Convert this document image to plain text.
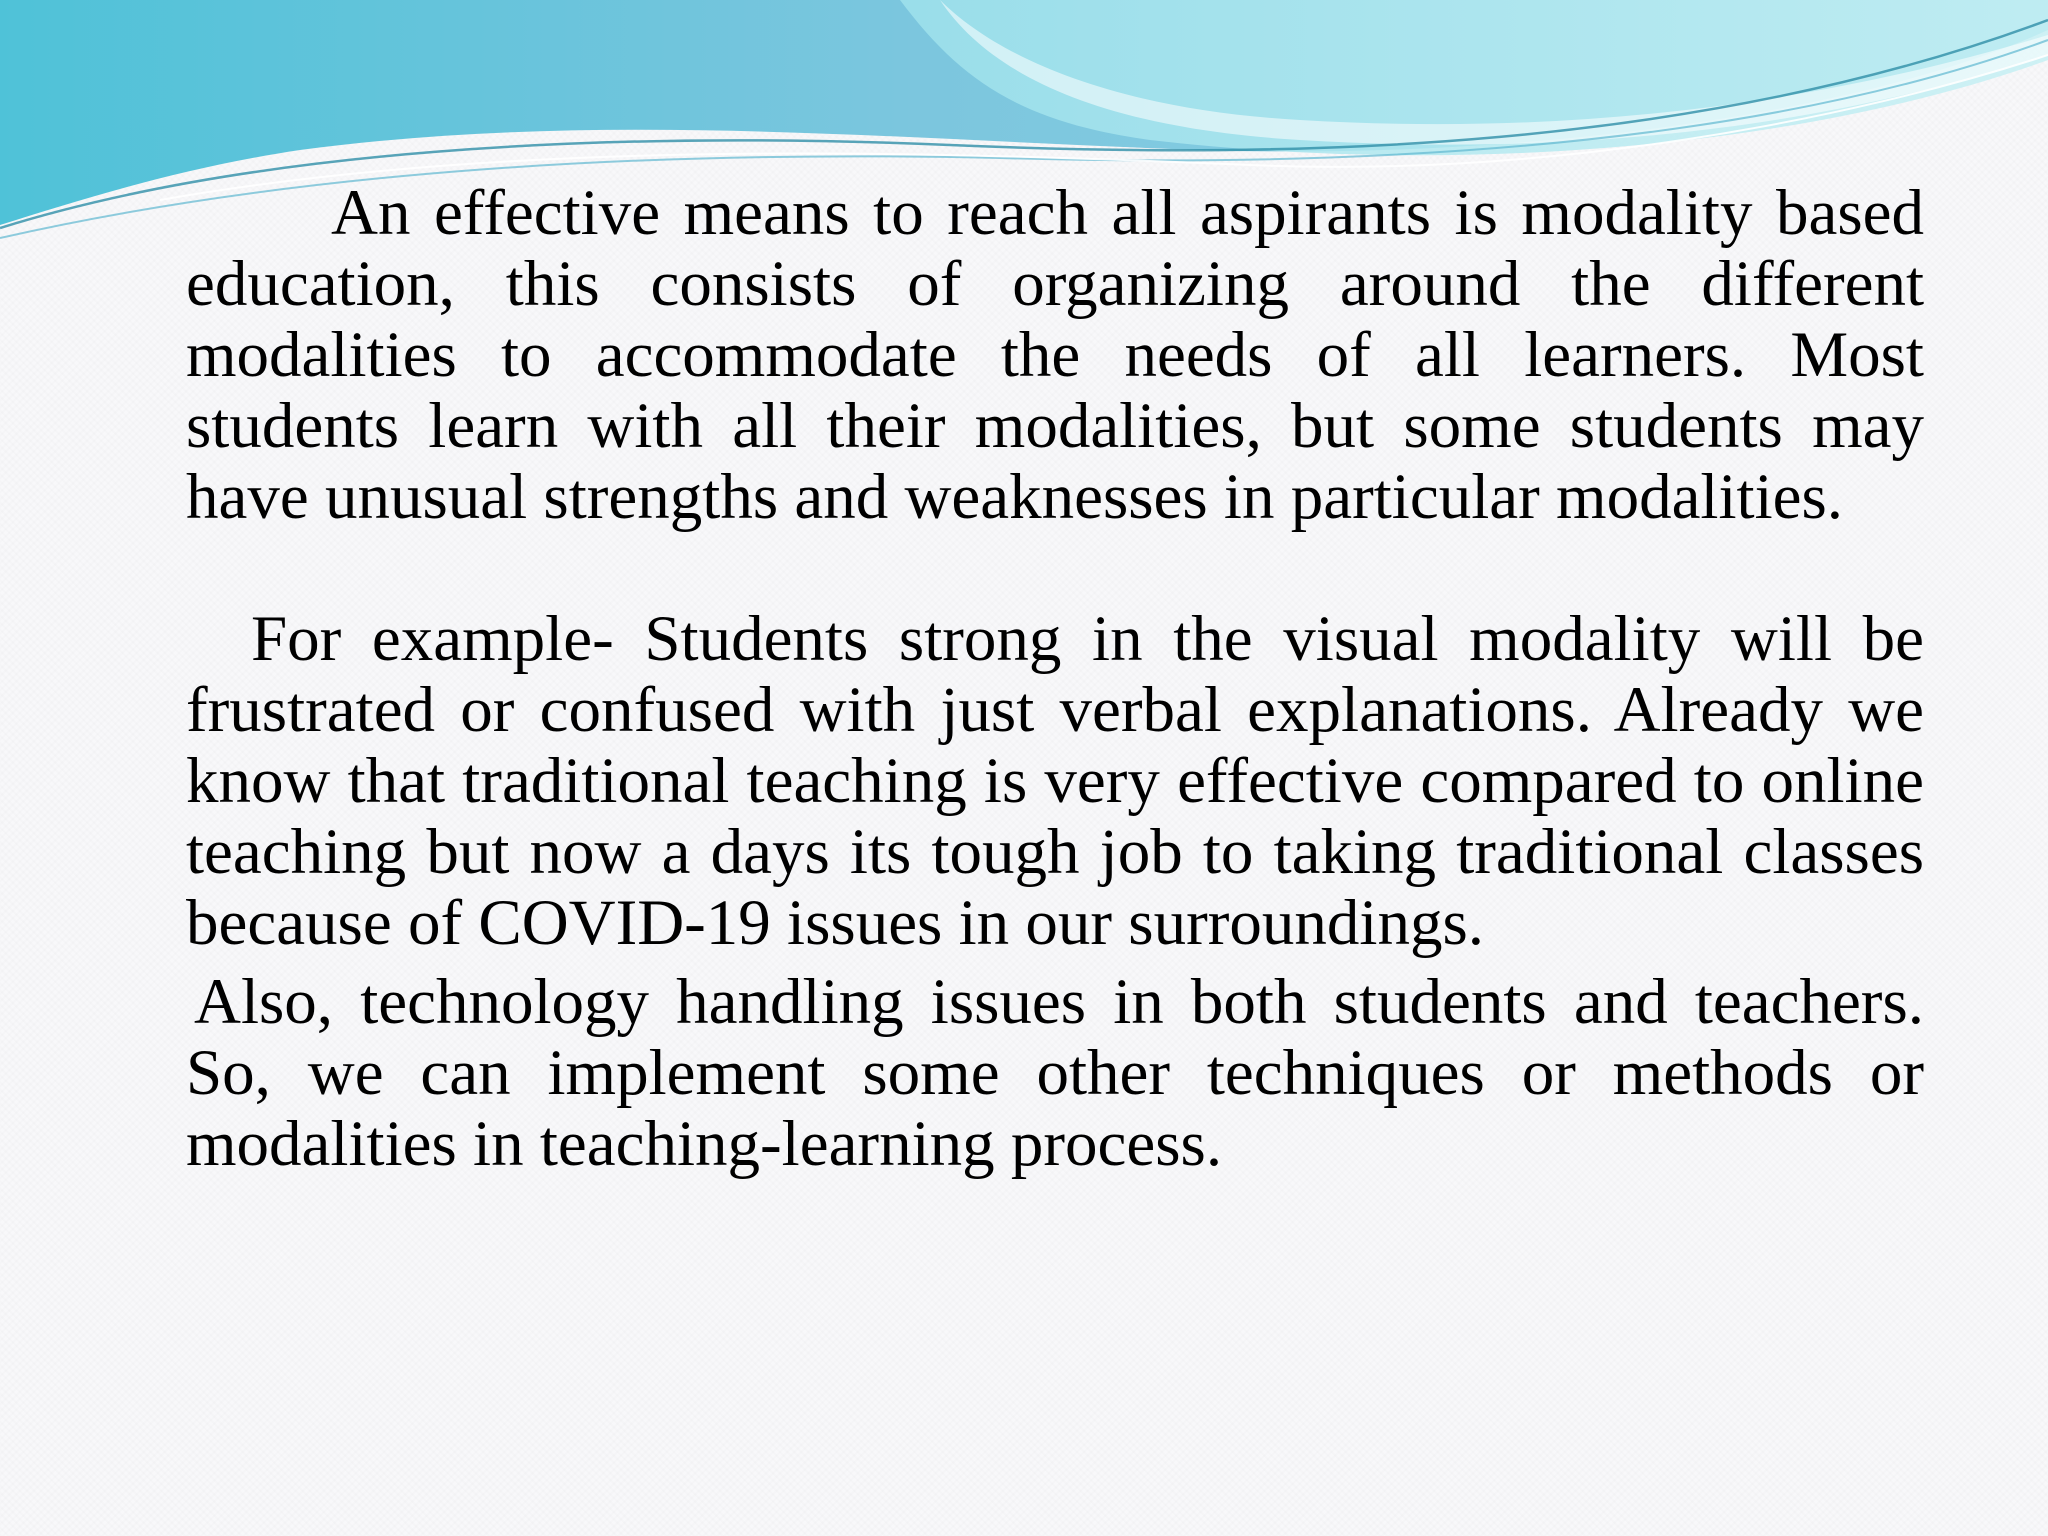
An effective means to reach all aspirants is modality based education, this consists of organizing around the different modalities to accommodate the needs of all learners. Most students learn with all their modalities, but some students may have unusual strengths and weaknesses in particular modalities.

For example- Students strong in the visual modality will be frustrated or confused with just verbal explanations. Already we know that traditional teaching is very effective compared to online teaching but now a days its tough job to taking traditional classes because of COVID-19 issues in our surroundings.

Also, technology handling issues in both students and teachers. So, we can implement some other techniques or methods or modalities in teaching-learning process.
